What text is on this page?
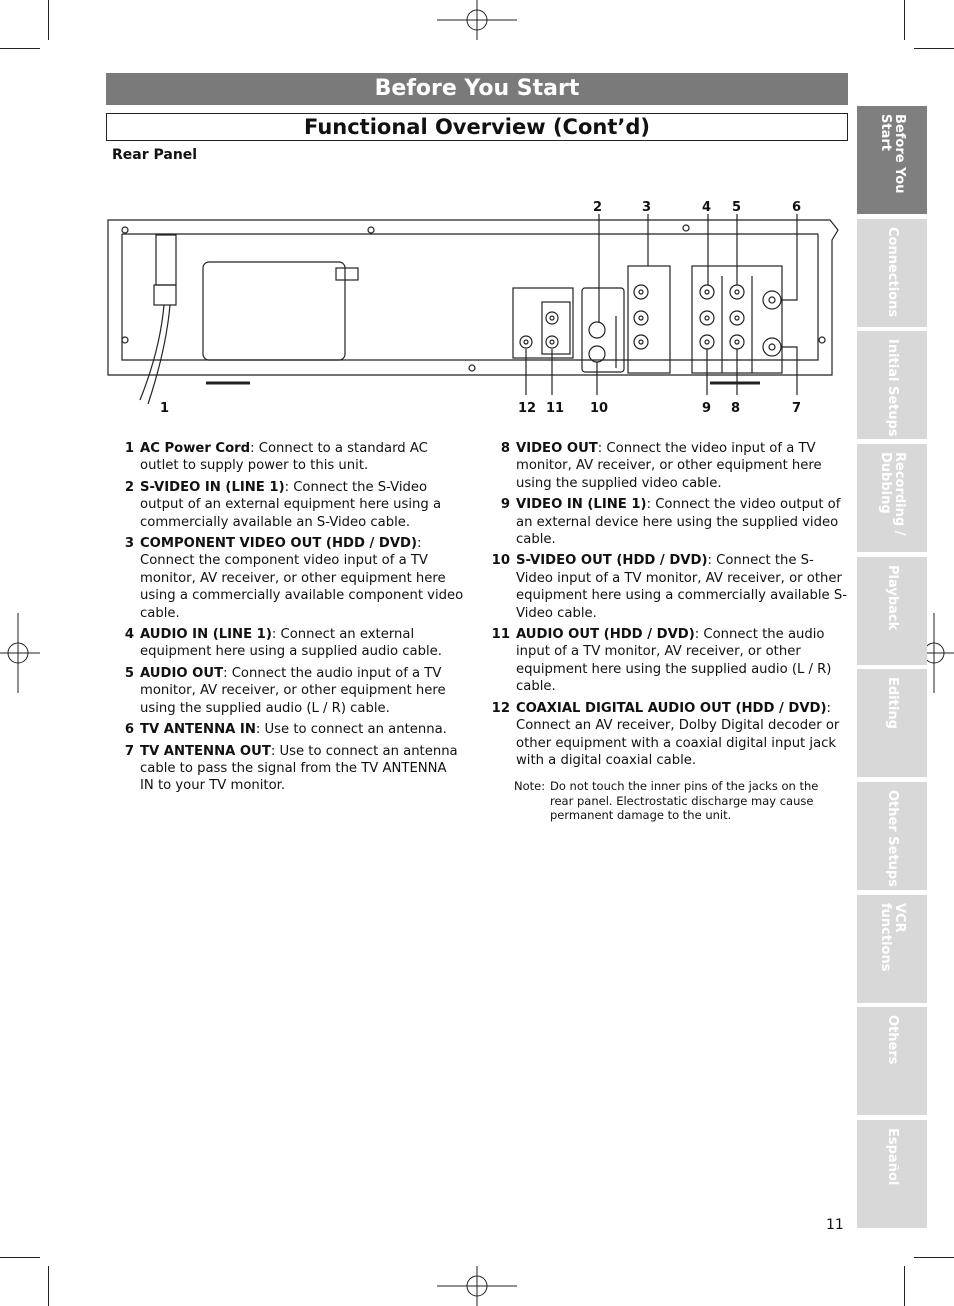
Before You Start
Functional Overview (Cont’d)
Rear Panel
1
2	3	4 5	6
7
8
9
10
11
12
1 AC Power Cord: Connect to a standard AC outlet to supply power to this unit.
2 S-VIDEO IN (LINE 1): Connect the S-Video output of an external equipment here using a commercially available an S-Video cable.
3 COMPONENT VIDEO OUT (HDD / DVD): Connect the component video input of a TV monitor, AV receiver, or other equipment here using a commercially available component video cable.
4 AUDIO IN (LINE 1): Connect an external equipment here using a supplied audio cable.
5 AUDIO OUT: Connect the audio input of a TV monitor, AV receiver, or other equipment here using the supplied audio (L / R) cable.
6 TV ANTENNA IN: Use to connect an antenna.
7 TV ANTENNA OUT: Use to connect an antenna cable to pass the signal from the TV ANTENNA IN to your TV monitor.
8 VIDEO OUT: Connect the video input of a TV monitor, AV receiver, or other equipment here using the supplied video cable.
9 VIDEO IN (LINE 1): Connect the video output of an external device here using the supplied video cable.
10 S-VIDEO OUT (HDD / DVD): Connect the S-Video input of a TV monitor, AV receiver, or other equipment here using a commercially available S-Video cable.
11 AUDIO OUT (HDD / DVD): Connect the audio input of a TV monitor, AV receiver, or other equipment here using the supplied audio (L / R) cable.
12 COAXIAL DIGITAL AUDIO OUT (HDD / DVD): Connect an AV receiver, Dolby Digital decoder or other equipment with a coaxial digital input jack with a digital coaxial cable.
Note: Do not touch the inner pins of the jacks on the rear panel. Electrostatic discharge may cause permanent damage to the unit.
Before You
Start
Connections
Initial Setups
Recording /
Dubbing
Playback
Editing
Other Setups
VCR functions
Others
Español
11
